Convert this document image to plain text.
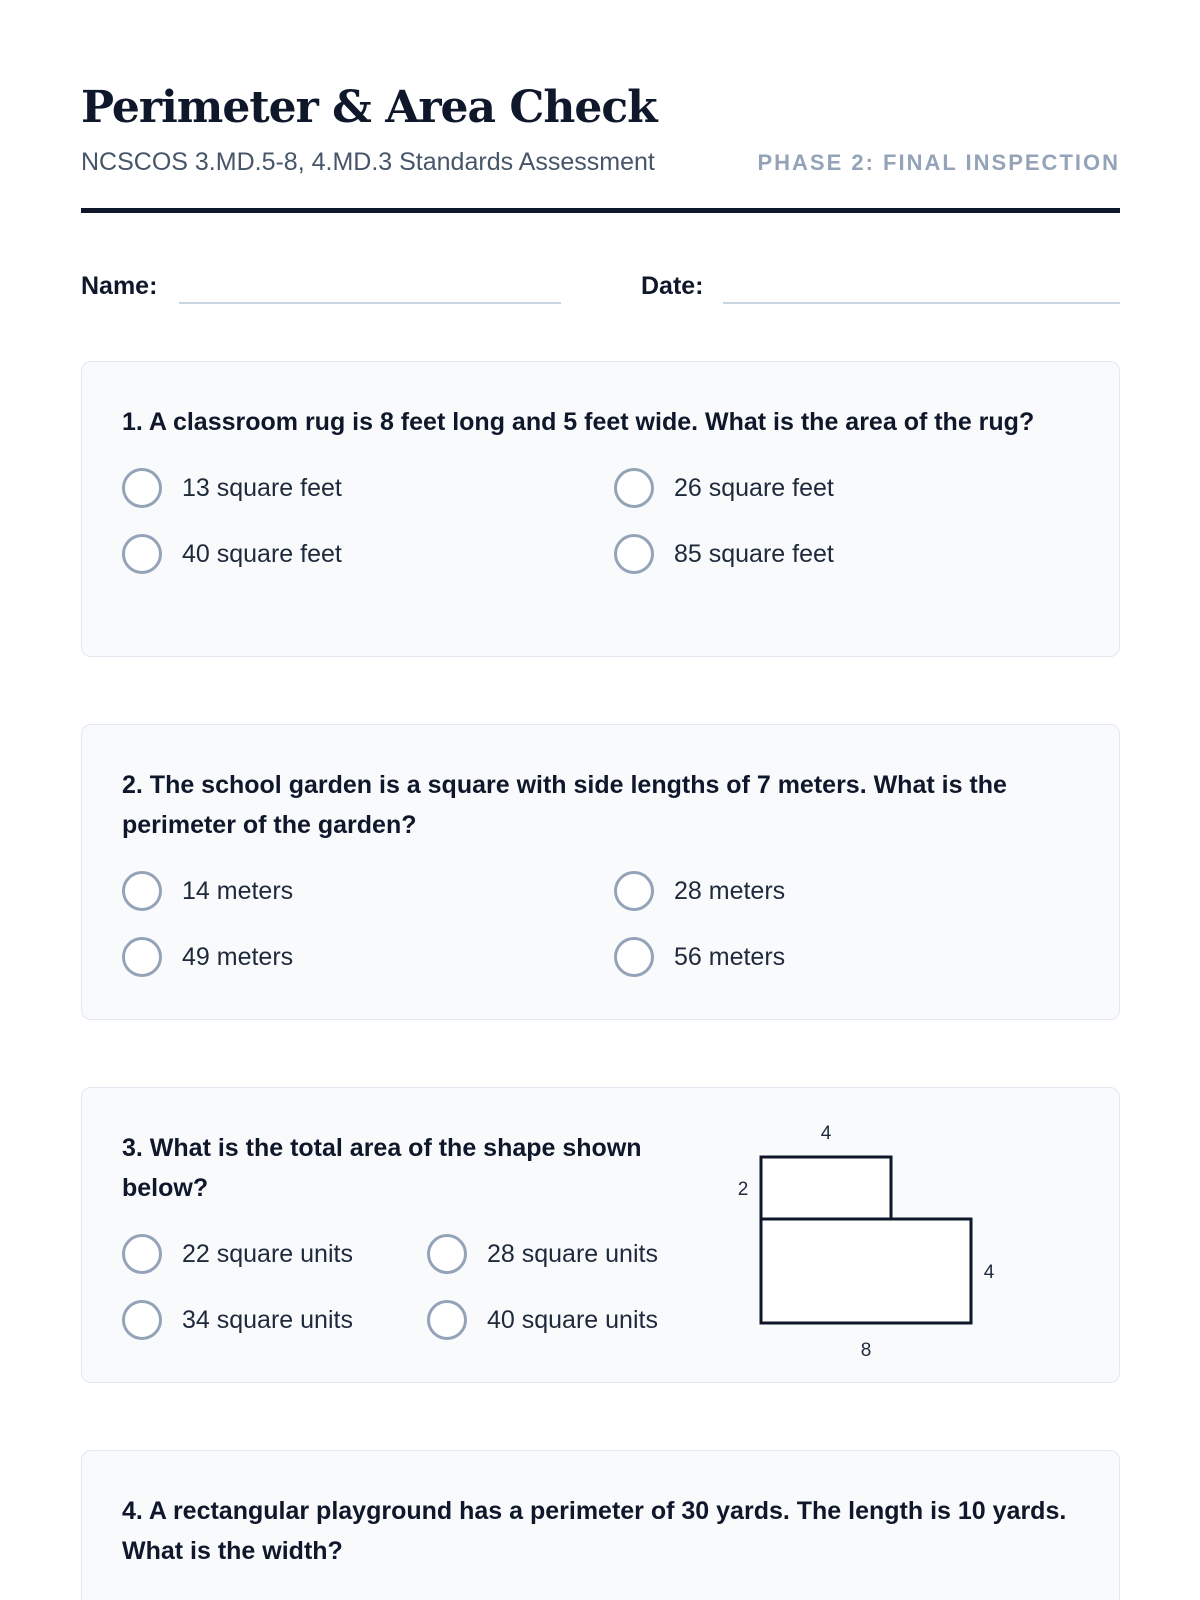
Perimeter & Area Check
NCSCOS 3.MD.5-8, 4.MD.3 Standards Assessment	PHASE 2: FINAL INSPECTION
Name:	Date:
1. A classroom rug is 8 feet long and 5 feet wide. What is the area of the rug?
13 square feet	26 square feet
40 square feet	85 square feet
2. The school garden is a square with side lengths of 7 meters. What is the perimeter of the garden?
14 meters	28 meters
49 meters	56 meters
3. What is the total area of the shape shown below?
22 square units	28 square units
34 square units	40 square units
4
2
4
8
4. A rectangular playground has a perimeter of 30 yards. The length is 10 yards. What is the width?
